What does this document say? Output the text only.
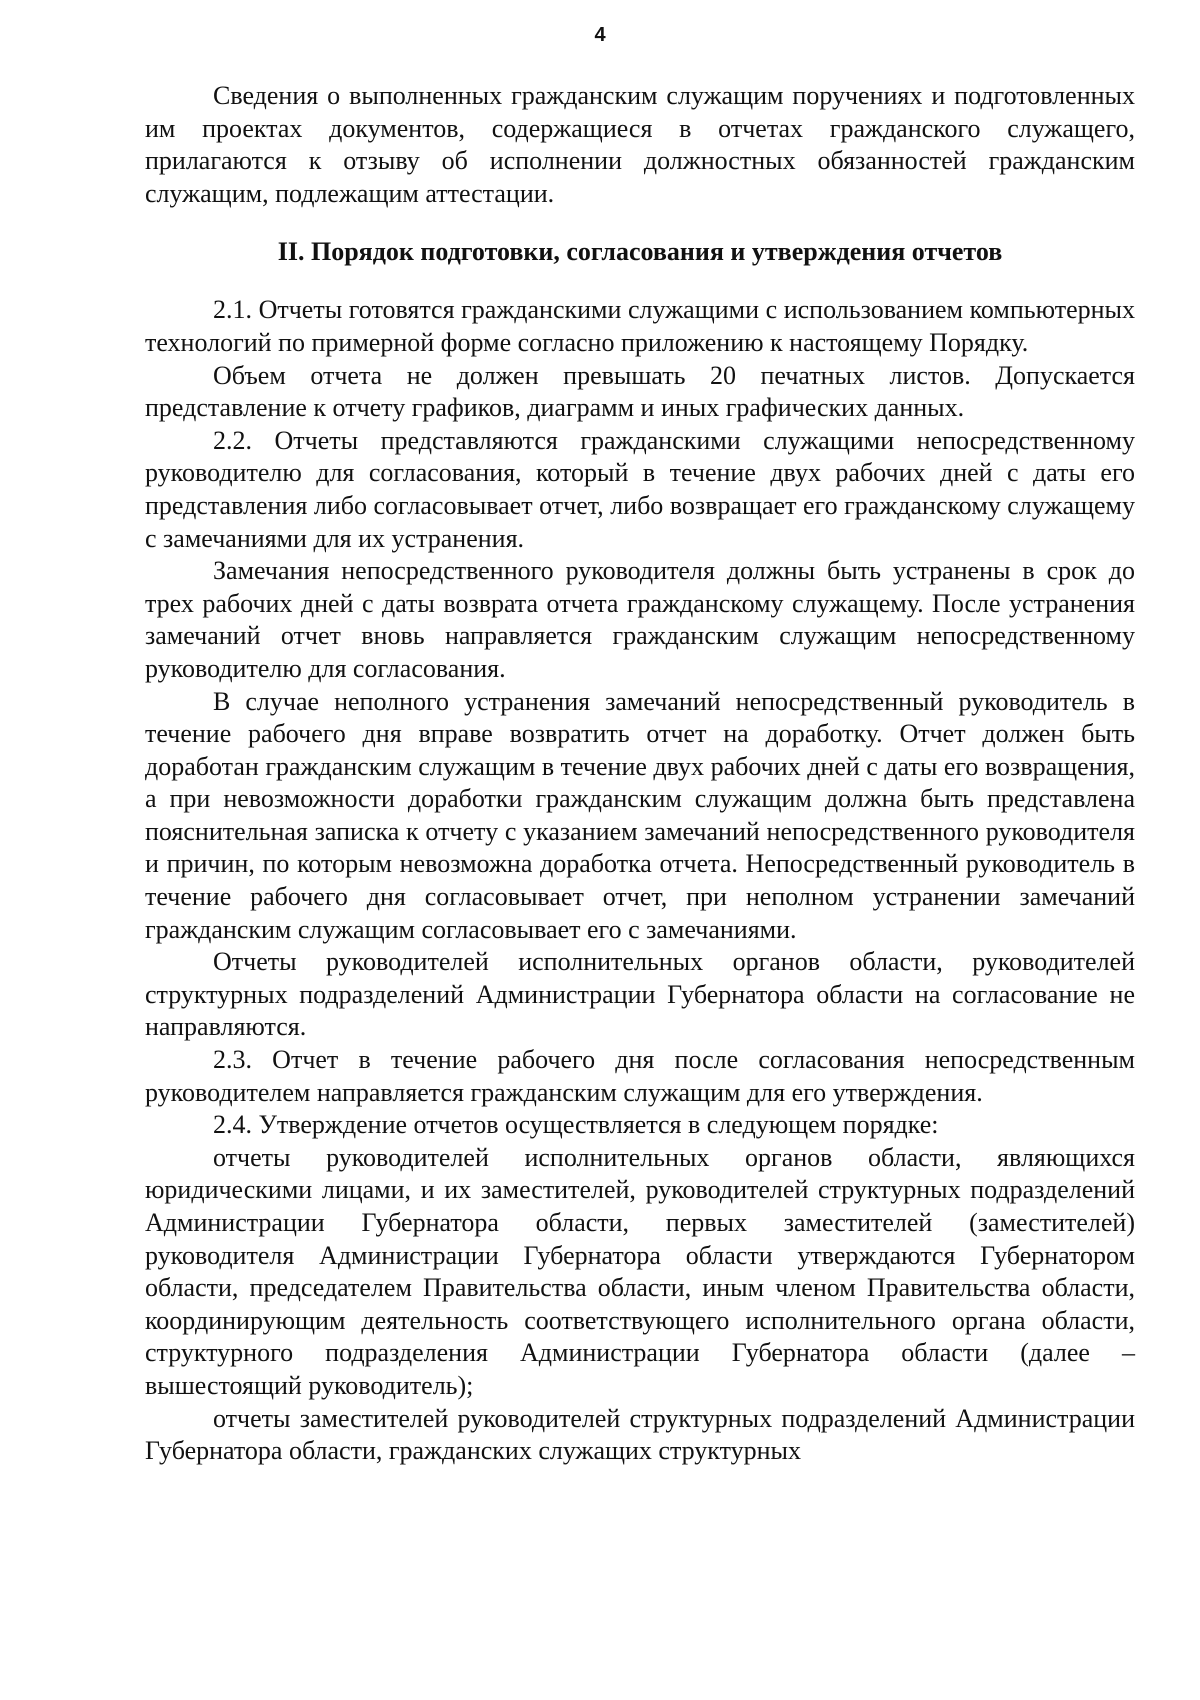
4

Сведения о выполненных гражданским служащим поручениях и подготовленных им проектах документов, содержащиеся в отчетах гражданского служащего, прилагаются к отзыву об исполнении должностных обязанностей гражданским служащим, подлежащим аттестации.

II. Порядок подготовки, согласования и утверждения отчетов

2.1. Отчеты готовятся гражданскими служащими с использованием компьютерных технологий по примерной форме согласно приложению к настоящему Порядку.

Объем отчета не должен превышать 20 печатных листов. Допускается представление к отчету графиков, диаграмм и иных графических данных.

2.2. Отчеты представляются гражданскими служащими непосредственному руководителю для согласования, который в течение двух рабочих дней с даты его представления либо согласовывает отчет, либо возвращает его гражданскому служащему с замечаниями для их устранения.

Замечания непосредственного руководителя должны быть устранены в срок до трех рабочих дней с даты возврата отчета гражданскому служащему. После устранения замечаний отчет вновь направляется гражданским служащим непосредственному руководителю для согласования.

В случае неполного устранения замечаний непосредственный руководитель в течение рабочего дня вправе возвратить отчет на доработку. Отчет должен быть доработан гражданским служащим в течение двух рабочих дней с даты его возвращения, а при невозможности доработки гражданским служащим должна быть представлена пояснительная записка к отчету с указанием замечаний непосредственного руководителя и причин, по которым невозможна доработка отчета. Непосредственный руководитель в течение рабочего дня согласовывает отчет, при неполном устранении замечаний гражданским служащим согласовывает его с замечаниями.

Отчеты руководителей исполнительных органов области, руководителей структурных подразделений Администрации Губернатора области на согласование не направляются.

2.3. Отчет в течение рабочего дня после согласования непосредственным руководителем направляется гражданским служащим для его утверждения.

2.4. Утверждение отчетов осуществляется в следующем порядке:

отчеты руководителей исполнительных органов области, являющихся юридическими лицами, и их заместителей, руководителей структурных подразделений Администрации Губернатора области, первых заместителей (заместителей) руководителя Администрации Губернатора области утверждаются Губернатором области, председателем Правительства области, иным членом Правительства области, координирующим деятельность соответствующего исполнительного органа области, структурного подразделения Администрации Губернатора области (далее – вышестоящий руководитель);

отчеты заместителей руководителей структурных подразделений Администрации Губернатора области, гражданских служащих структурных
